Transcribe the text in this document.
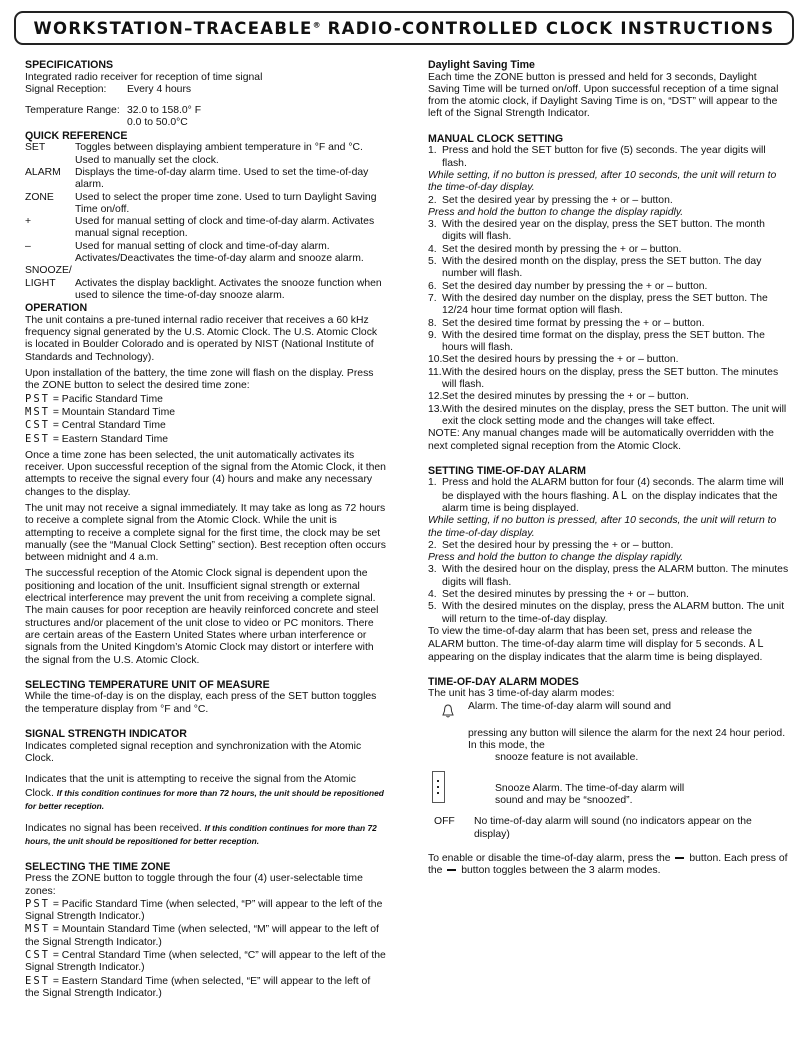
WORKSTATION–TRACEABLE® RADIO-CONTROLLED CLOCK INSTRUCTIONS
SPECIFICATIONS

Integrated radio receiver for reception of time signal

Signal Reception:	Every 4 hours
Temperature Range: 32.0 to 158.0° F
0.0 to 50.0°C
QUICK REFERENCE
SET	Toggles between displaying ambient temperature in °F and °C. Used to manually set the clock.
ALARM	Displays the time-of-day alarm time. Used to set the time-of-day alarm.
ZONE	Used to select the proper time zone. Used to turn Daylight Saving Time on/off.
+	Used for manual setting of clock and time-of-day alarm. Activates manual signal reception.
–	Used for manual setting of clock and time-of-day alarm. Activates/Deactivates the time-of-day alarm and snooze alarm.
SNOOZE/
LIGHT	Activates the display backlight. Activates the snooze function when used to silence the time-of-day snooze alarm.
OPERATION

The unit contains a pre-tuned internal radio receiver that receives a 60 kHz frequency signal generated by the U.S. Atomic Clock. The U.S. Atomic Clock is located in Boulder Colorado and is operated by NIST (National Institute of Standards and Technology).

Upon installation of the battery, the time zone will flash on the display. Press the ZONE button to select the desired time zone:

PST = Pacific Standard Time

MST = Mountain Standard Time

CST = Central Standard Time

EST = Eastern Standard Time

Once a time zone has been selected, the unit automatically activates its receiver. Upon successful reception of the signal from the Atomic Clock, it then attempts to receive the signal every four (4) hours and make any necessary changes to the display.

The unit may not receive a signal immediately. It may take as long as 72 hours to receive a complete signal from the Atomic Clock. While the unit is attempting to receive a complete signal for the first time, the clock may be set manually (see the “Manual Clock Setting” section). Best reception often occurs between midnight and 4 a.m.

The successful reception of the Atomic Clock signal is dependent upon the positioning and location of the unit. Insufficient signal strength or external electrical interference may prevent the unit from receiving a complete signal. The main causes for poor reception are heavily reinforced concrete and steel structures and/or placement of the unit close to video or PC monitors. There are certain areas of the Eastern United States where urban interference or signals from the United Kingdom’s Atomic Clock may distort or interfere with the signal from the U.S. Atomic Clock.

SELECTING TEMPERATURE UNIT OF MEASURE

While the time-of-day is on the display, each press of the SET button toggles the temperature display from °F and °C.

SIGNAL STRENGTH INDICATOR

Indicates completed signal reception and synchronization with the Atomic Clock.

Indicates that the unit is attempting to receive the signal from the Atomic Clock. If this condition continues for more than 72 hours, the unit should be repositioned for better reception.

Indicates no signal has been received. If this condition continues for more than 72 hours, the unit should be repositioned for better reception.

SELECTING THE TIME ZONE

Press the ZONE button to toggle through the four (4) user-selectable time zones:

PST = Pacific Standard Time (when selected, “P” will appear to the left of the Signal Strength Indicator.)

MST = Mountain Standard Time (when selected, “M” will appear to the left of the Signal Strength Indicator.)

CST = Central Standard Time (when selected, “C” will appear to the left of the Signal Strength Indicator.)

EST = Eastern Standard Time (when selected, “E” will appear to the left of the Signal Strength Indicator.)

Daylight Saving Time

Each time the ZONE button is pressed and held for 3 seconds, Daylight Saving Time will be turned on/off. Upon successful reception of a time signal from the atomic clock, if Daylight Saving Time is on, “DST” will appear to the left of the Signal Strength Indicator.

MANUAL CLOCK SETTING
1. Press and hold the SET button for five (5) seconds. The year digits will flash.

While setting, if no button is pressed, after 10 seconds, the unit will return to the time-of-day display.

2. Set the desired year by pressing the + or – button.

Press and hold the button to change the display rapidly.

3. With the desired year on the display, press the SET button. The month digits will flash.
4. Set the desired month by pressing the + or – button.
5. With the desired month on the display, press the SET button. The day number will flash.
6. Set the desired day number by pressing the + or – button.
7. With the desired day number on the display, press the SET button. The 12/24 hour time format option will flash.
8. Set the desired time format by pressing the + or – button.
9. With the desired time format on the display, press the SET button. The hours will flash.
10. Set the desired hours by pressing the + or – button.
11. With the desired hours on the display, press the SET button. The minutes will flash.
12. Set the desired minutes by pressing the + or – button.
13. With the desired minutes on the display, press the SET button. The unit will exit the clock setting mode and the changes will take effect.

NOTE: Any manual changes made will be automatically overridden with the next completed signal reception from the Atomic Clock.

SETTING TIME-OF-DAY ALARM
1. Press and hold the ALARM button for four (4) seconds. The alarm time will be displayed with the hours flashing. AL on the display indicates that the alarm time is being displayed.

While setting, if no button is pressed, after 10 seconds, the unit will return to the time-of-day display.

2. Set the desired hour by pressing the + or – button.

Press and hold the button to change the display rapidly.

3. With the desired hour on the display, press the ALARM button. The minutes digits will flash.
4. Set the desired minutes by pressing the + or – button.
5. With the desired minutes on the display, press the ALARM button. The unit will return to the time-of-day display.

To view the time-of-day alarm that has been set, press and release the ALARM button. The time-of-day alarm time will display for 5 seconds. AL appearing on the display indicates that the alarm time is being displayed.

TIME-OF-DAY ALARM MODES

The unit has 3 time-of-day alarm modes:

Alarm. The time-of-day alarm will sound and

pressing any button will silence the alarm for the next 24 hour period. In this mode, the

snooze feature is not available.

Snooze Alarm. The time-of-day alarm will sound and may be “snoozed”.

OFF	No time-of-day alarm will sound (no indicators appear on the display)

To enable or disable the time-of-day alarm, press the button. Each press of the button toggles between the 3 alarm modes.
